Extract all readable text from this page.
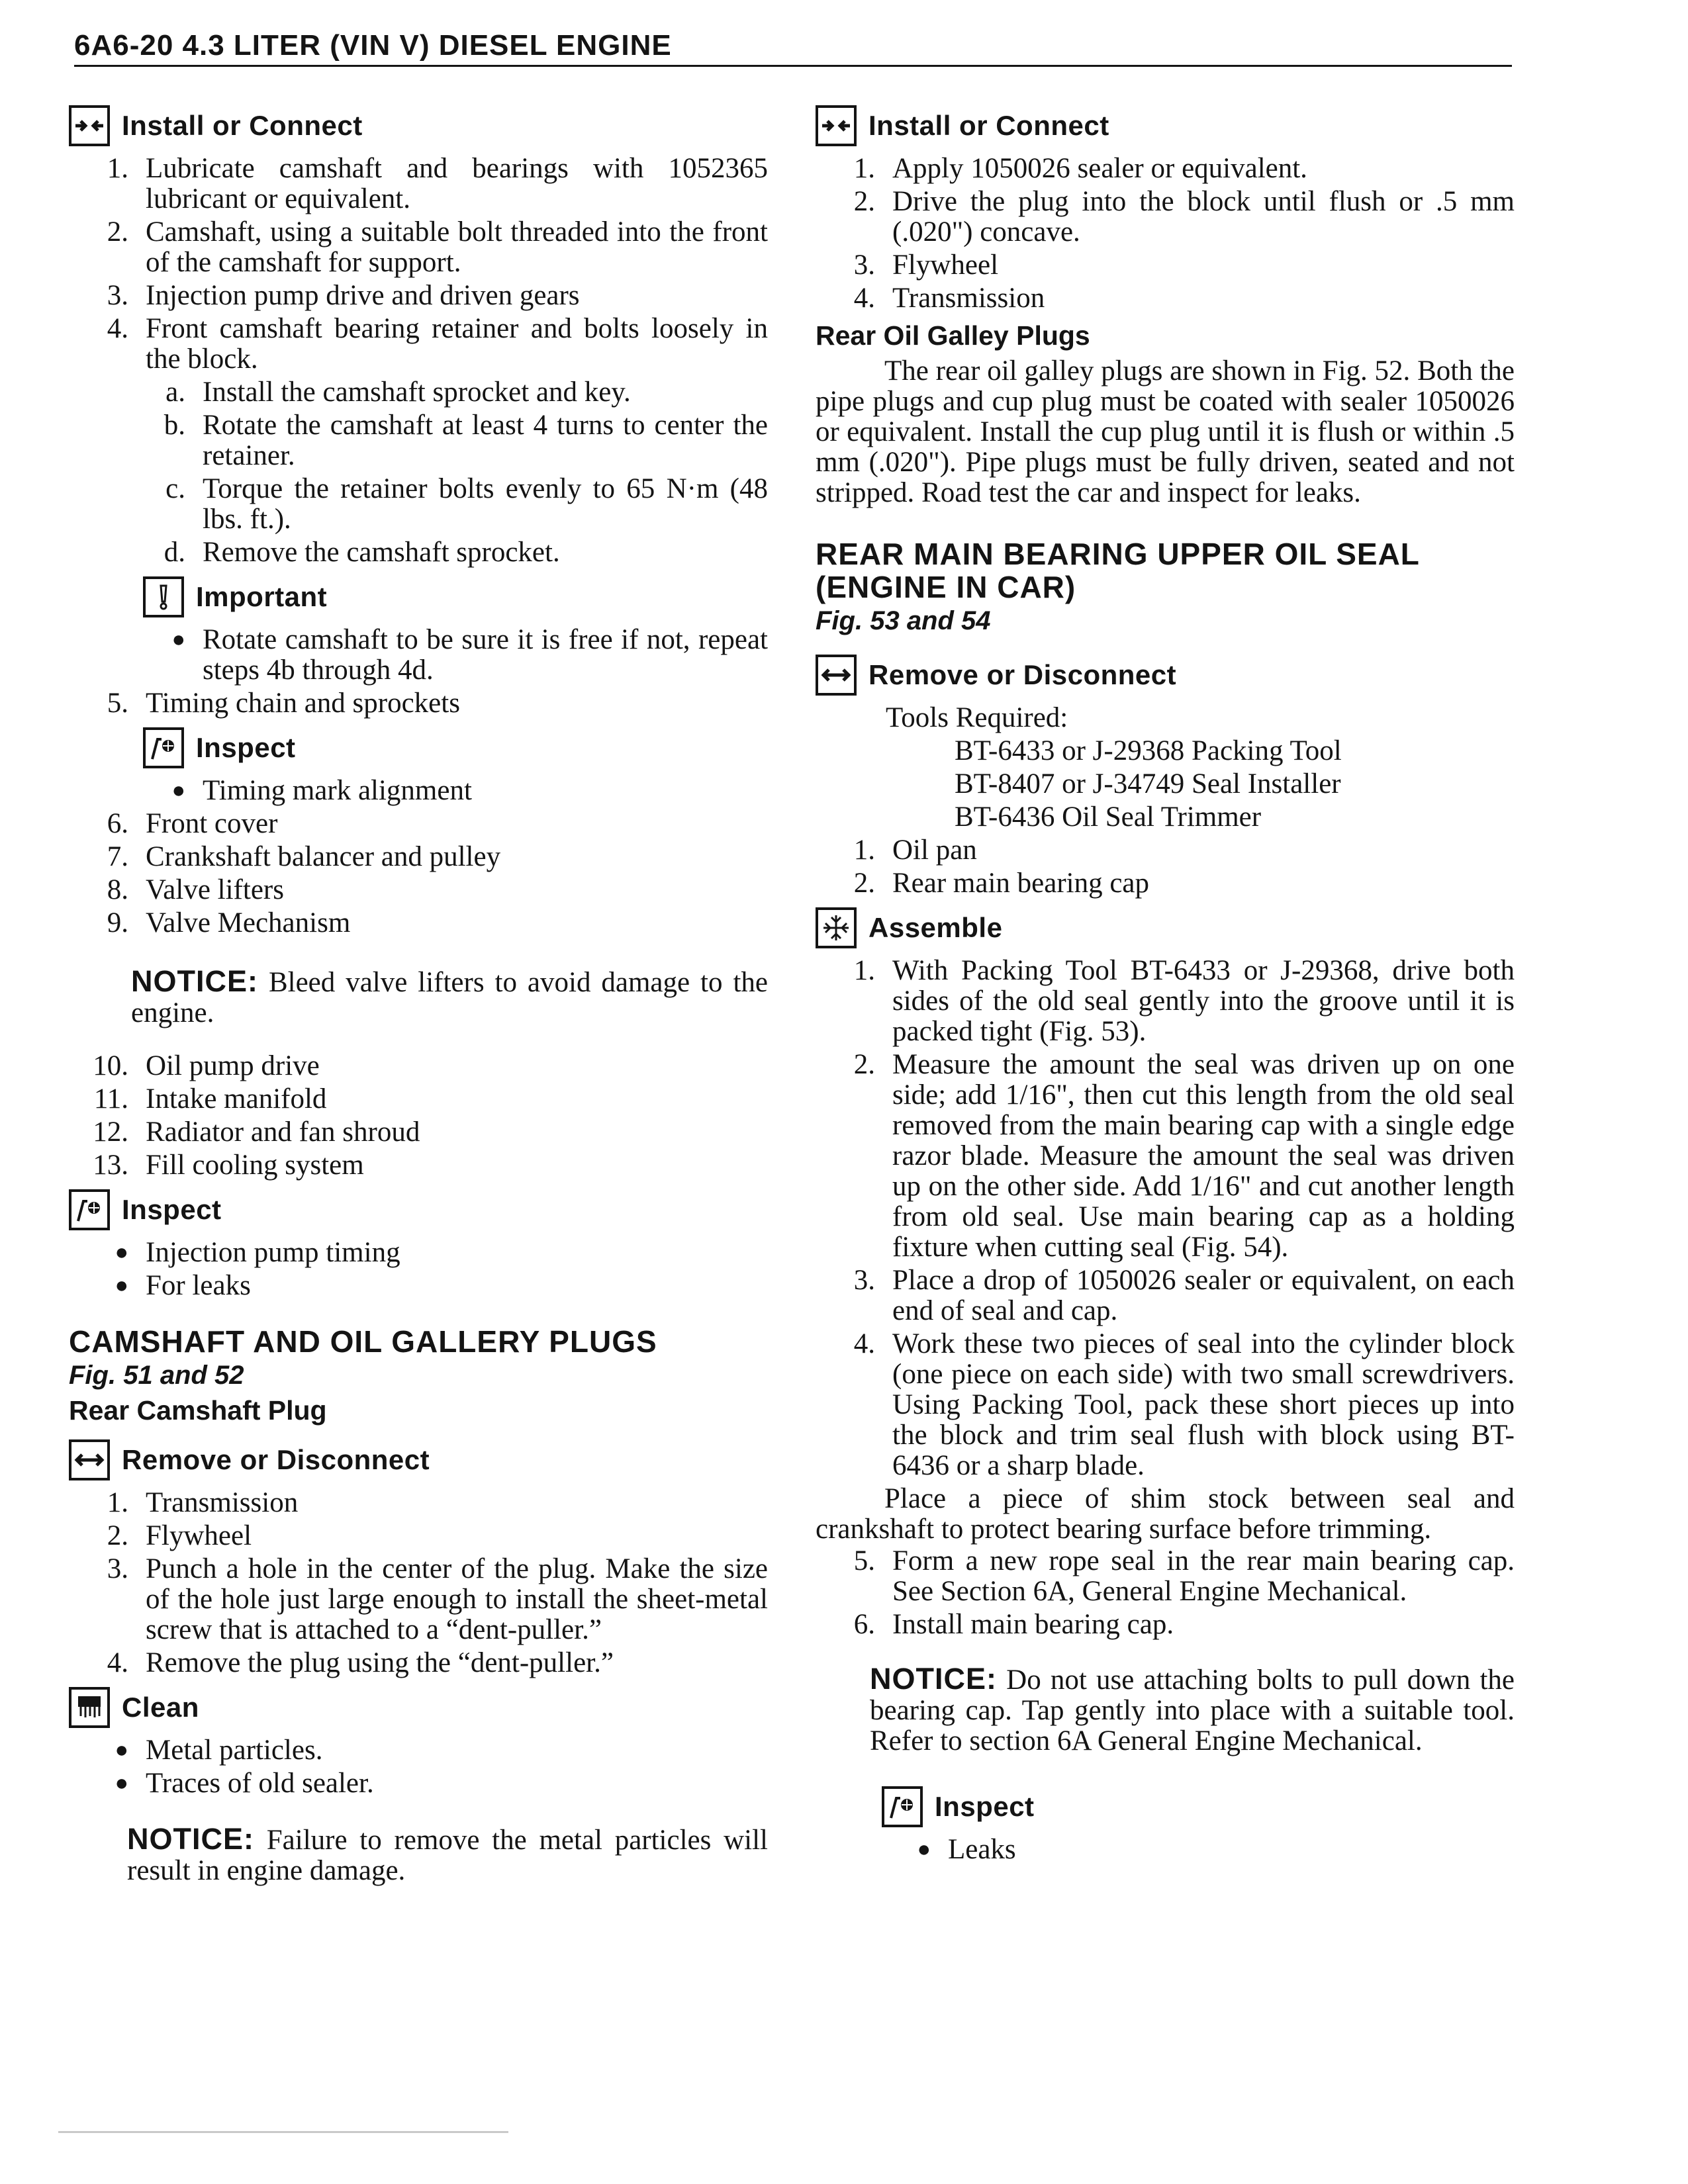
6A6-20 4.3 LITER (VIN V) DIESEL ENGINE
Install or Connect
1. Lubricate camshaft and bearings with 1052365 lubricant or equivalent.
2. Camshaft, using a suitable bolt threaded into the front of the camshaft for support.
3. Injection pump drive and driven gears
4. Front camshaft bearing retainer and bolts loosely in the block.
a. Install the camshaft sprocket and key.
b. Rotate the camshaft at least 4 turns to center the retainer.
c. Torque the retainer bolts evenly to 65 N·m (48 lbs. ft.).
d. Remove the camshaft sprocket.
Important
● Rotate camshaft to be sure it is free if not, repeat steps 4b through 4d.
5. Timing chain and sprockets
Inspect
● Timing mark alignment
6. Front cover
7. Crankshaft balancer and pulley
8. Valve lifters
9. Valve Mechanism
NOTICE: Bleed valve lifters to avoid damage to the engine.
10. Oil pump drive
11. Intake manifold
12. Radiator and fan shroud
13. Fill cooling system
Inspect
● Injection pump timing
● For leaks
CAMSHAFT AND OIL GALLERY PLUGS
Fig. 51 and 52
Rear Camshaft Plug
Remove or Disconnect
1. Transmission
2. Flywheel
3. Punch a hole in the center of the plug. Make the size of the hole just large enough to install the sheet-metal screw that is attached to a “dent-puller.”
4. Remove the plug using the “dent-puller.”
Clean
● Metal particles.
● Traces of old sealer.
NOTICE: Failure to remove the metal particles will result in engine damage.
Install or Connect
1. Apply 1050026 sealer or equivalent.
2. Drive the plug into the block until flush or .5 mm (.020") concave.
3. Flywheel
4. Transmission
Rear Oil Galley Plugs
The rear oil galley plugs are shown in Fig. 52. Both the pipe plugs and cup plug must be coated with sealer 1050026 or equivalent. Install the cup plug until it is flush or within .5 mm (.020"). Pipe plugs must be fully driven, seated and not stripped. Road test the car and inspect for leaks.
REAR MAIN BEARING UPPER OIL SEAL (ENGINE IN CAR)
Fig. 53 and 54
Remove or Disconnect
Tools Required:
BT-6433 or J-29368 Packing Tool
BT-8407 or J-34749 Seal Installer
BT-6436 Oil Seal Trimmer
1. Oil pan
2. Rear main bearing cap
Assemble
1. With Packing Tool BT-6433 or J-29368, drive both sides of the old seal gently into the groove until it is packed tight (Fig. 53).
2. Measure the amount the seal was driven up on one side; add 1/16", then cut this length from the old seal removed from the main bearing cap with a single edge razor blade. Measure the amount the seal was driven up on the other side. Add 1/16" and cut another length from old seal. Use main bearing cap as a holding fixture when cutting seal (Fig. 54).
3. Place a drop of 1050026 sealer or equivalent, on each end of seal and cap.
4. Work these two pieces of seal into the cylinder block (one piece on each side) with two small screwdrivers. Using Packing Tool, pack these short pieces up into the block and trim seal flush with block using BT-6436 or a sharp blade.
Place a piece of shim stock between seal and crankshaft to protect bearing surface before trimming.
5. Form a new rope seal in the rear main bearing cap. See Section 6A, General Engine Mechanical.
6. Install main bearing cap.
NOTICE: Do not use attaching bolts to pull down the bearing cap. Tap gently into place with a suitable tool. Refer to section 6A General Engine Mechanical.
Inspect
● Leaks
